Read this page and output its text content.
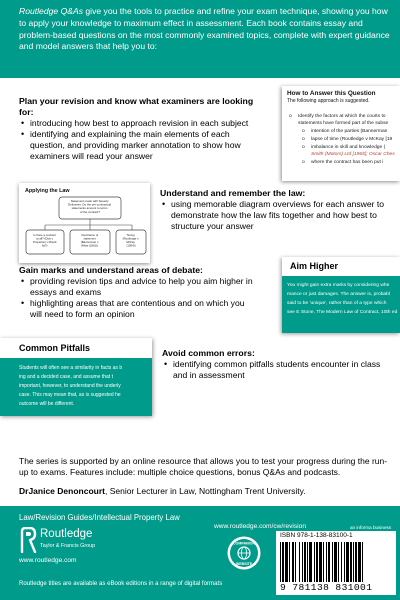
Routledge Q&As give you the tools to practice and refine your exam technique, showing you how to apply your knowledge to maximum effect in assessment. Each book contains essay and problem-based questions on the most commonly examined topics, complete with expert guidance and model answers that help you to:

Plan your revision and know what examiners are looking for:
• introducing how best to approach revision in each subject
• identifying and explaining the main elements of each question, and providing marker annotation to show how examiners will read your answer
How to Answer this Question
The following approach is suggested.
o Identify the factors at which the courts to
statements have formed part of the subse
o intention of the parties (Bannerman
o lapse of time (Routledge v McKay [19
o imbalance in skill and knowledge (
Smith (Motors) Ltd [1965]; Oscar Ches
o where the contract has been put i
Applying the Law
Statement made with Speedy Deliveries: Do the pre-contractual statements amount to terms of the contract?
Is there a contract at all? (Dick v Properties v Mould Itd?) Importance of statement (Bannerman v White (1861)) Timing (Routledge v McKay (1954))
Understand and remember the law:
• using memorable diagram overviews for each answer to demonstrate how the law fits together and how best to structure your answer
Gain marks and understand areas of debate:
• providing revision tips and advice to help you aim higher in essays and exams
• highlighting areas that are contentious and on which you will need to form an opinion
Aim Higher
You might gain extra marks by considering whe
mance or just damages. The answer is, probabl
said to be 'unique', rather than of a type which
see E Stone, The Modern Law of Contract, 10th ed
Common Pitfalls
Students will often see a similarity in facts as b
ing and a decided case, and assume that t
important, however, to understand the underly
case. This may mean that, as is suggested he
outcome will be different.
Avoid common errors:
• identifying common pitfalls students encounter in class and in assessment

The series is supported by an online resource that allows you to test your progress during the run-up to exams. Features include: multiple choice questions, bonus Q&As and podcasts.

DrJanice Denoncourt, Senior Lecturer in Law, Nottingham Trent University.

Law/Revision Guides/Intellectual Property Law
www.routledge.com/cw/revision	an informa business
Routledge
Taylor & Francis Group
www.routledge.com
Routledge titles are available as eBook editions in a range of digital formats
COMPANION
WEBSITE
ISBN 978-1-138-83100-1
9 781138 831001
